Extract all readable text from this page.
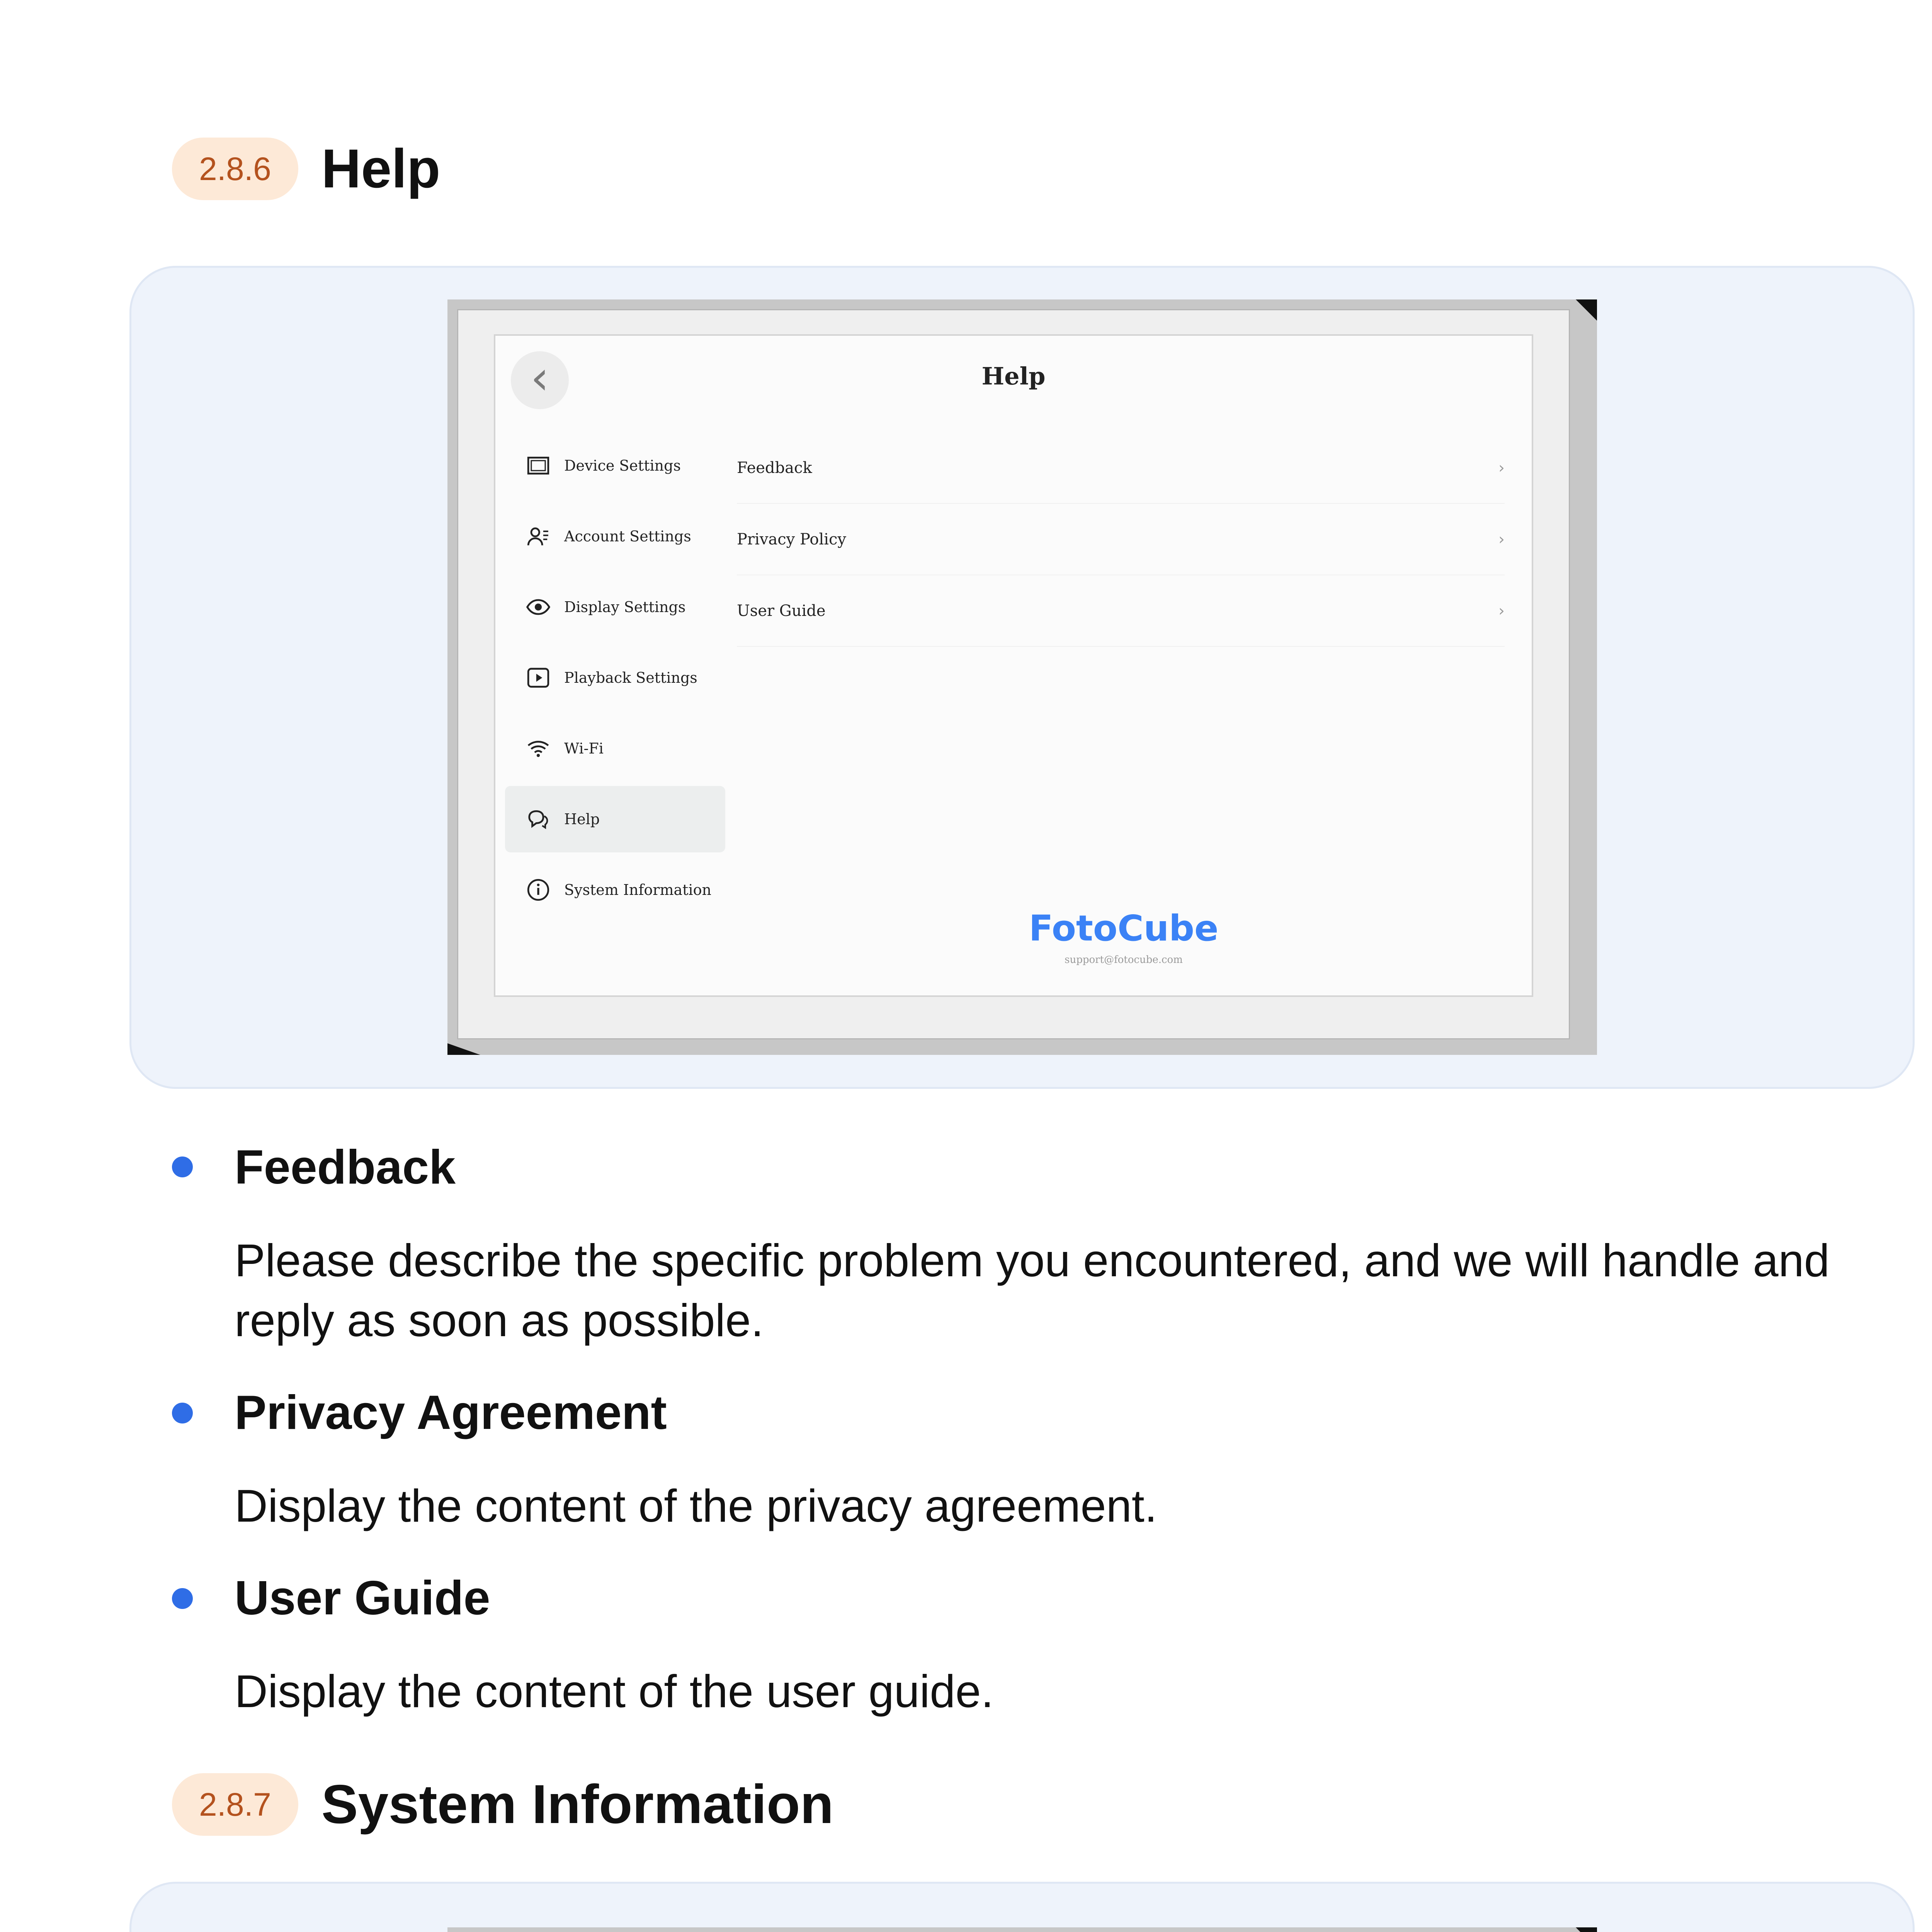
2.8.6 Help
‹	Help
Device Settings
Account Settings
Display Settings
Playback Settings
Wi-Fi
Help
System Information
Feedback	›
Privacy Policy	›
User Guide	›
FotoCube
support@fotocube.com
Feedback
Please describe the specific problem you encountered, and we will handle and reply as soon as possible.
Privacy Agreement
Display the content of the privacy agreement.
User Guide
Display the content of the user guide.
2.8.7 System Information
